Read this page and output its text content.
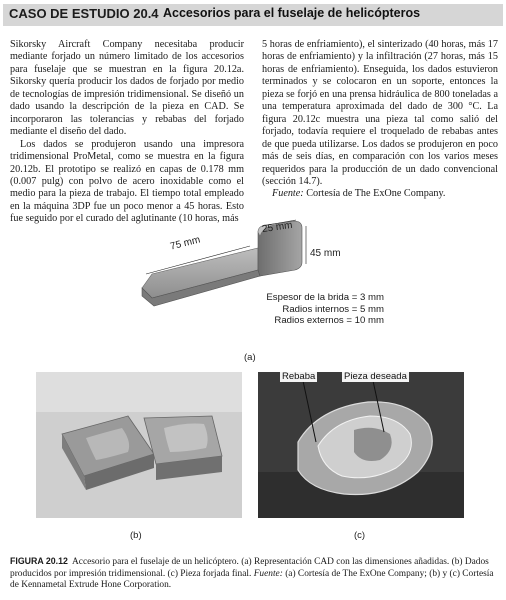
CASO DE ESTUDIO 20.4 Accesorios para el fuselaje de helicópteros

Sikorsky Aircraft Company necesitaba producir mediante forjado un número limitado de los accesorios para fuselaje que se muestran en la figura 20.12a. Sikorsky quería producir los dados de forjado por medio de tecnologías de impresión tridimensional. Se diseñó un dado usando la descripción de la pieza en CAD. Se incorporaron las tolerancias y rebabas del forjado mediante el diseño del dado.

Los dados se produjeron usando una impresora tridimensional ProMetal, como se muestra en la figura 20.12b. El prototipo se realizó en capas de 0.178 mm (0.007 pulg) con polvo de acero inoxidable como el medio para la pieza de trabajo. El tiempo total empleado en la máquina 3DP fue un poco menor a 45 horas. Esto fue seguido por el curado del aglutinante (10 horas, más

5 horas de enfriamiento), el sinterizado (40 horas, más 17 horas de enfriamiento) y la infiltración (27 horas, más 15 horas de enfriamiento). Enseguida, los dados estuvieron terminados y se colocaron en un soporte, entonces la pieza se forjó en una prensa hidráulica de 800 toneladas a una temperatura aproximada del dado de 300 °C. La figura 20.12c muestra una pieza tal como salió del forjado, todavía requiere el troquelado de rebabas antes de que pueda utilizarse. Los dados se produjeron en poco más de seis días, en comparación con los varios meses requeridos para la producción de un dado convencional (sección 14.7).

Fuente: Cortesía de The ExOne Company.

75 mm
25 mm
45 mm
Espesor de la brida = 3 mm
Radios internos = 5 mm
Radios externos = 10 mm
(a)
(b)
Rebaba	Pieza deseada
(c)
FIGURA 20.12 Accesorio para el fuselaje de un helicóptero. (a) Representación CAD con las dimensiones añadidas. (b) Dados producidos por impresión tridimensional. (c) Pieza forjada final. Fuente: (a) Cortesía de The ExOne Company; (b) y (c) Cortesía de Kennametal Extrude Hone Corporation.
